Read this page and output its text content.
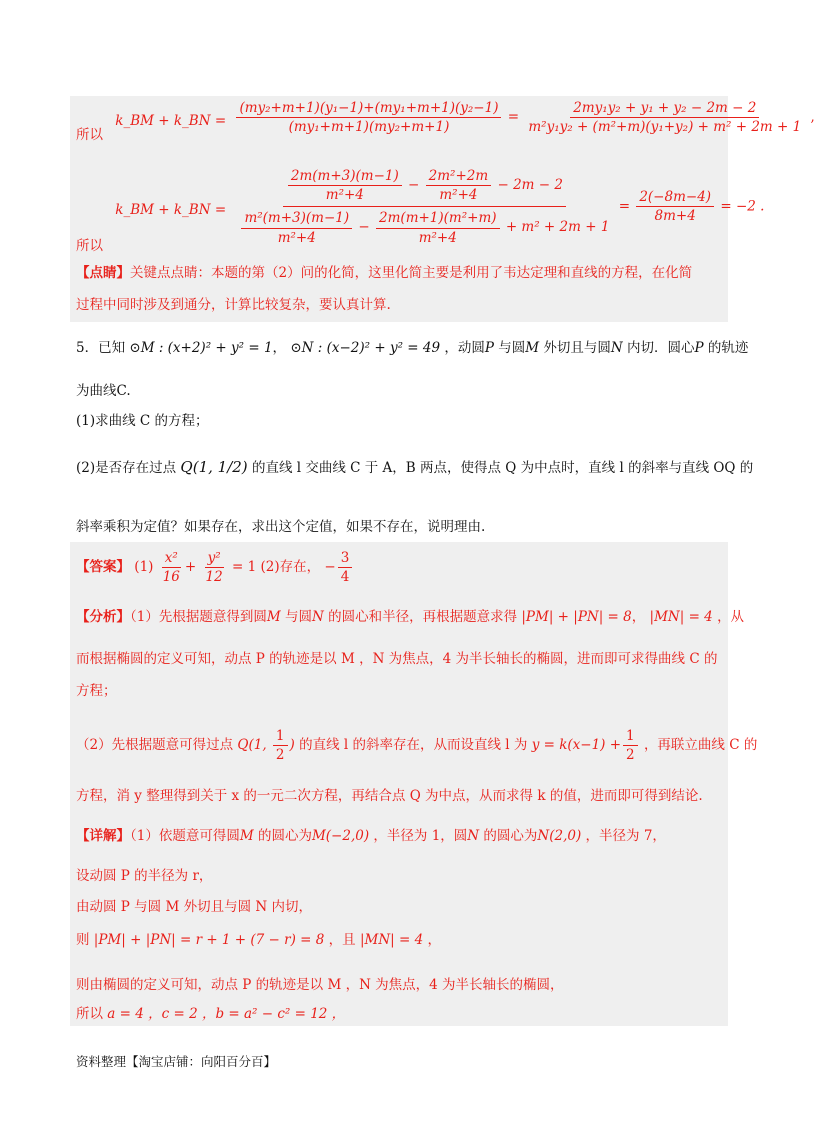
所以 k_BM + k_BN = $\frac{\text{(my₂+m+1)(y₁−1)+(my₁+m+1)(y₂−1)}}{\text{(my₁+m+1)(my₂+m+1)}} = \frac{\text{2my₁y₂ + y₁ + y₂ − 2m − 2}}{\text{m²y₁y₂ + (m²+m)(y₁+y₂) + m² + 2m + 1}}$ ,
所以 k_BM + k_BN =
$\frac{2m(m+3)(m-1)}{\text{m²+4}} - \frac{\text{2m²+2m}}{\text{m²+4}} - 2m - 2$
$\frac{\text{m²(m+3)(m−1)}}{\text{m²+4}} - \frac{\text{2m(m+1)(m²+m)}}{\text{m²+4}} + m^2 + 2m + 1$
= $\frac{2(-8m-4)}{8m+4} = -2$ .
【点睛】关键点点睛：本题的第（2）问的化简，这里化简主要是利用了韦达定理和直线的方程，在化简
过程中同时涉及到通分，计算比较复杂，要认真计算.
5．已知 ⊙M : (x+2)² + y² = 1， ⊙N : (x−2)² + y² = 49 ，动圆P 与圆M 外切且与圆N 内切．圆心P 的轨迹
为曲线C.
(1)求曲线 C 的方程；
(2)是否存在过点 Q(1, 1/2) 的直线 l 交曲线 C 于 A，B 两点，使得点 Q 为中点时，直线 l 的斜率与直线 OQ 的
斜率乘积为定值？如果存在，求出这个定值，如果不存在，说明理由.
【答案】 $(1) \frac{\text{x²}}{16} + \frac{\text{y²}}{12} = 1$ (2)存在， − $\frac{3}{4}$
【分析】（1）先根据题意得到圆M 与圆N 的圆心和半径，再根据题意求得 |PM| + |PN| = 8， |MN| = 4 ，从
而根据椭圆的定义可知，动点 P 的轨迹是以 M ，N 为焦点，4 为半长轴长的椭圆，进而即可求得曲线 C 的
方程；
（2）先根据题意可得过点 Q(1, $\frac{1}{2}$ ) 的直线 l 的斜率存在，从而设直线 l 为 $y = k(x-1) + \frac{1}{2}$ ，再联立曲线 C 的
方程，消 y 整理得到关于 x 的一元二次方程，再结合点 Q 为中点，从而求得 k 的值，进而即可得到结论.
【详解】（1）依题意可得圆M 的圆心为M(−2,0) ，半径为 1，圆N 的圆心为N(2,0) ，半径为 7，
设动圆 P 的半径为 r，
由动圆 P 与圆 M 外切且与圆 N 内切，
则 |PM| + |PN| = r + 1 + (7 − r) = 8 ，且 |MN| = 4 ，
则由椭圆的定义可知，动点 P 的轨迹是以 M ，N 为焦点，4 为半长轴长的椭圆，
所以 a = 4 ，c = 2 ，b = a² − c² = 12 ，
资料整理【淘宝店铺：向阳百分百】
